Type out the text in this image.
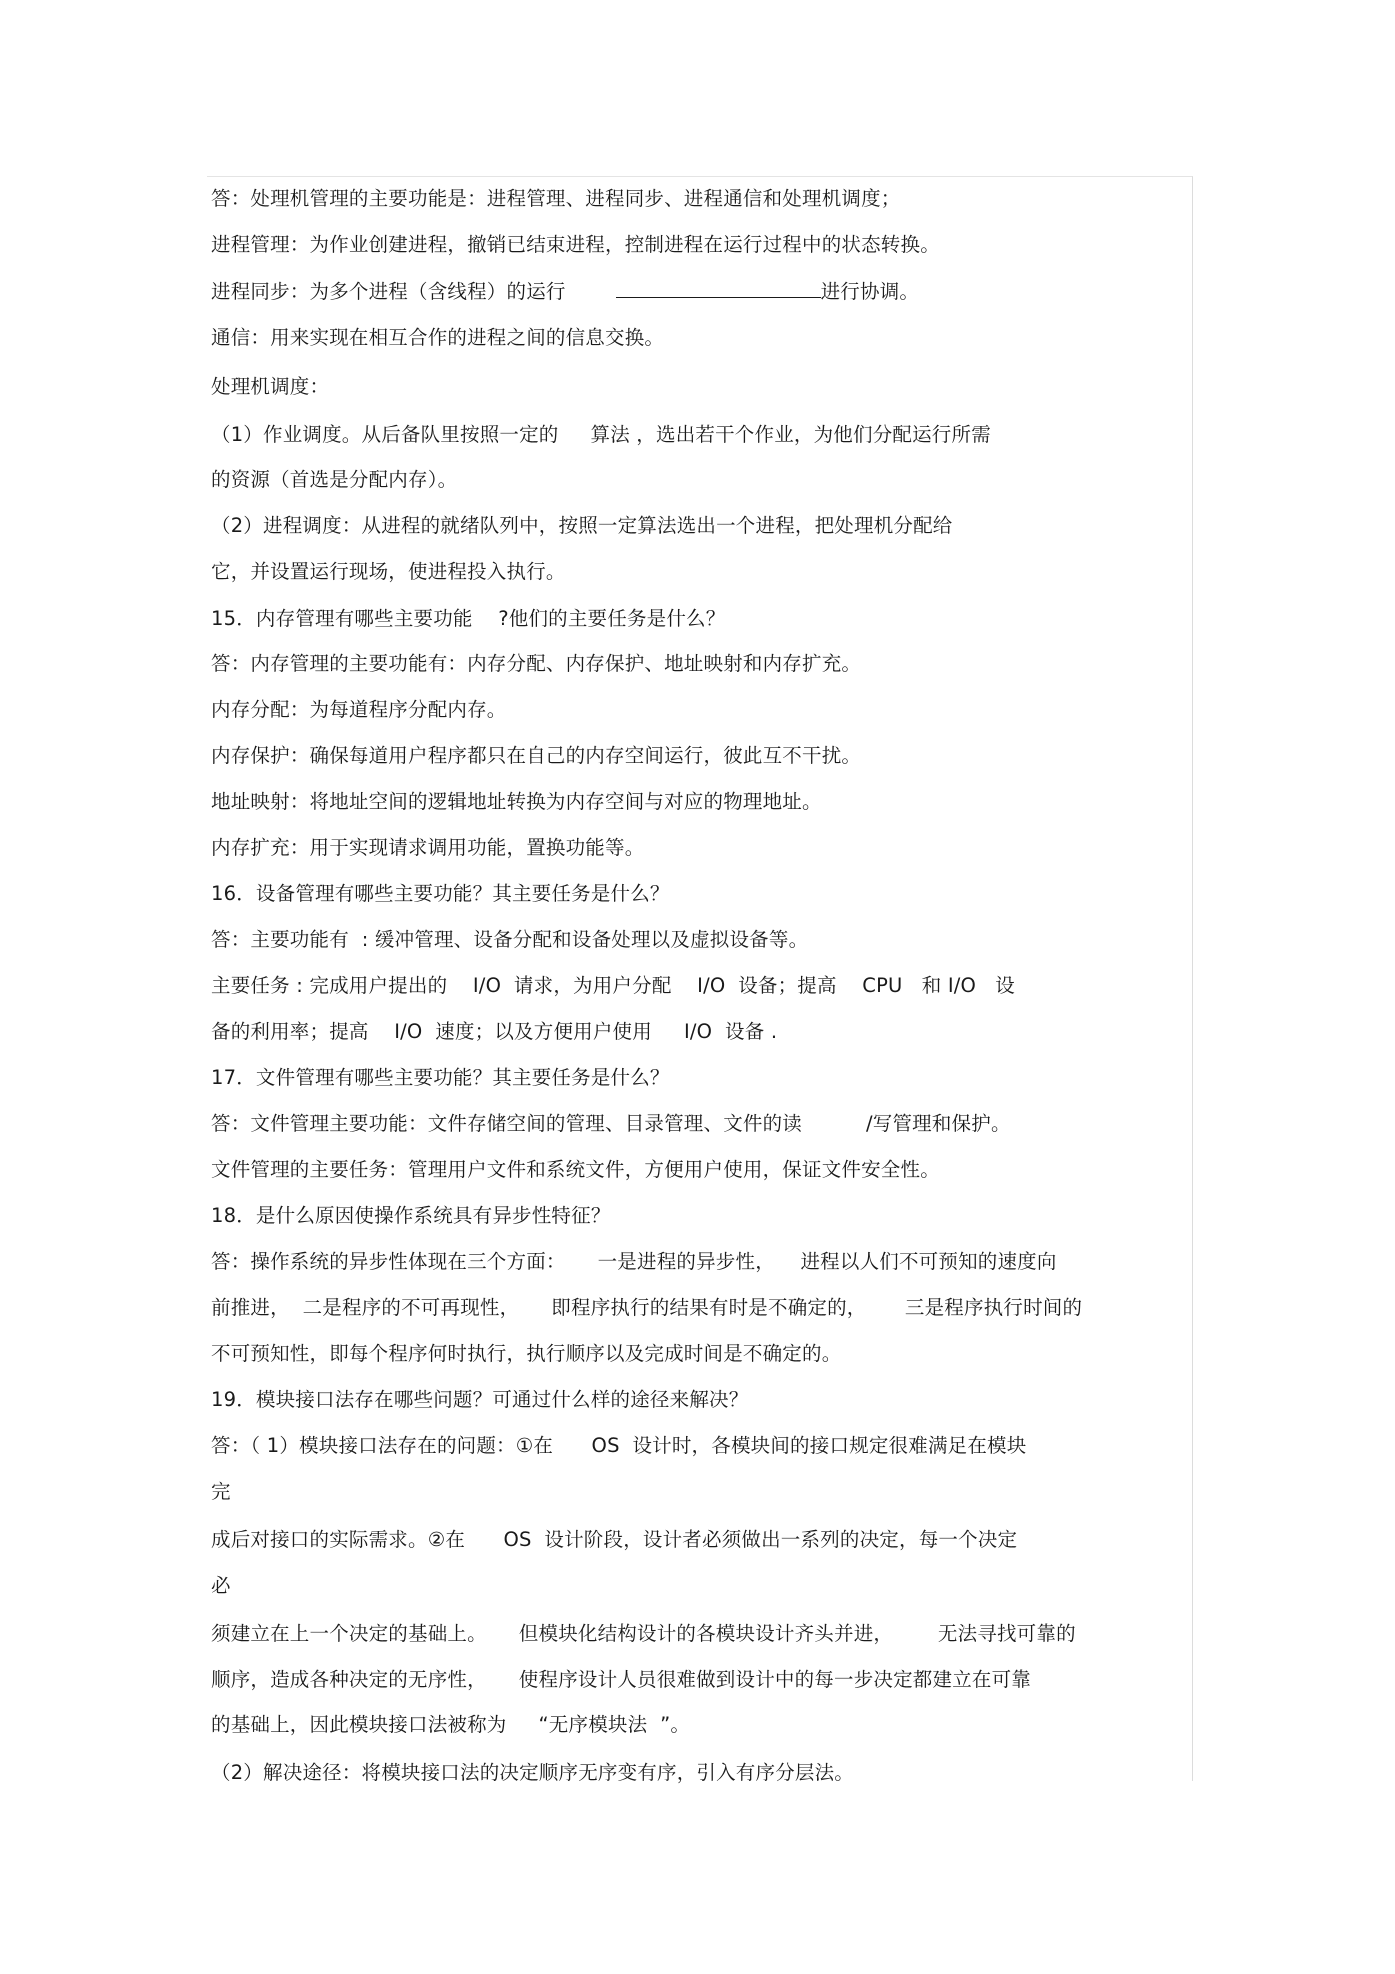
答：处理机管理的主要功能是：进程管理、进程同步、进程通信和处理机调度；
进程管理：为作业创建进程，撤销已结束进程，控制进程在运行过程中的状态转换。
进程同步：为多个进程（含线程）的运行	进行协调。
通信：用来实现在相互合作的进程之间的信息交换。
处理机调度：
（1）作业调度。从后备队里按照一定的     算法 ，选出若干个作业，为他们分配运行所需
的资源（首选是分配内存）。
（2）进程调度：从进程的就绪队列中，按照一定算法选出一个进程，把处理机分配给
它，并设置运行现场，使进程投入执行。
15．内存管理有哪些主要功能    ?他们的主要任务是什么？
答：内存管理的主要功能有：内存分配、内存保护、地址映射和内存扩充。
内存分配：为每道程序分配内存。
内存保护：确保每道用户程序都只在自己的内存空间运行，彼此互不干扰。
地址映射：将地址空间的逻辑地址转换为内存空间与对应的物理地址。
内存扩充：用于实现请求调用功能，置换功能等。
16．设备管理有哪些主要功能？其主要任务是什么？
答：主要功能有  : 缓冲管理、设备分配和设备处理以及虚拟设备等。
主要任务 : 完成用户提出的    I/O  请求，为用户分配    I/O  设备；提高    CPU   和 I/O   设
备的利用率；提高    I/O  速度；以及方便用户使用     I/O  设备 .
17．文件管理有哪些主要功能？其主要任务是什么？
答：文件管理主要功能：文件存储空间的管理、目录管理、文件的读          /写管理和保护。
文件管理的主要任务：管理用户文件和系统文件，方便用户使用，保证文件安全性。
18．是什么原因使操作系统具有异步性特征？
答：操作系统的异步性体现在三个方面：     一是进程的异步性，    进程以人们不可预知的速度向
前推进，  二是程序的不可再现性，     即程序执行的结果有时是不确定的，      三是程序执行时间的
不可预知性，即每个程序何时执行，执行顺序以及完成时间是不确定的。
19．模块接口法存在哪些问题？可通过什么样的途径来解决？
答：（ 1）模块接口法存在的问题：①在      OS  设计时，各模块间的接口规定很难满足在模块
完
成后对接口的实际需求。②在      OS  设计阶段，设计者必须做出一系列的决定，每一个决定
必
须建立在上一个决定的基础上。     但模块化结构设计的各模块设计齐头并进，       无法寻找可靠的
顺序，造成各种决定的无序性，     使程序设计人员很难做到设计中的每一步决定都建立在可靠
的基础上，因此模块接口法被称为     “无序模块法  ”。
（2）解决途径：将模块接口法的决定顺序无序变有序，引入有序分层法。
